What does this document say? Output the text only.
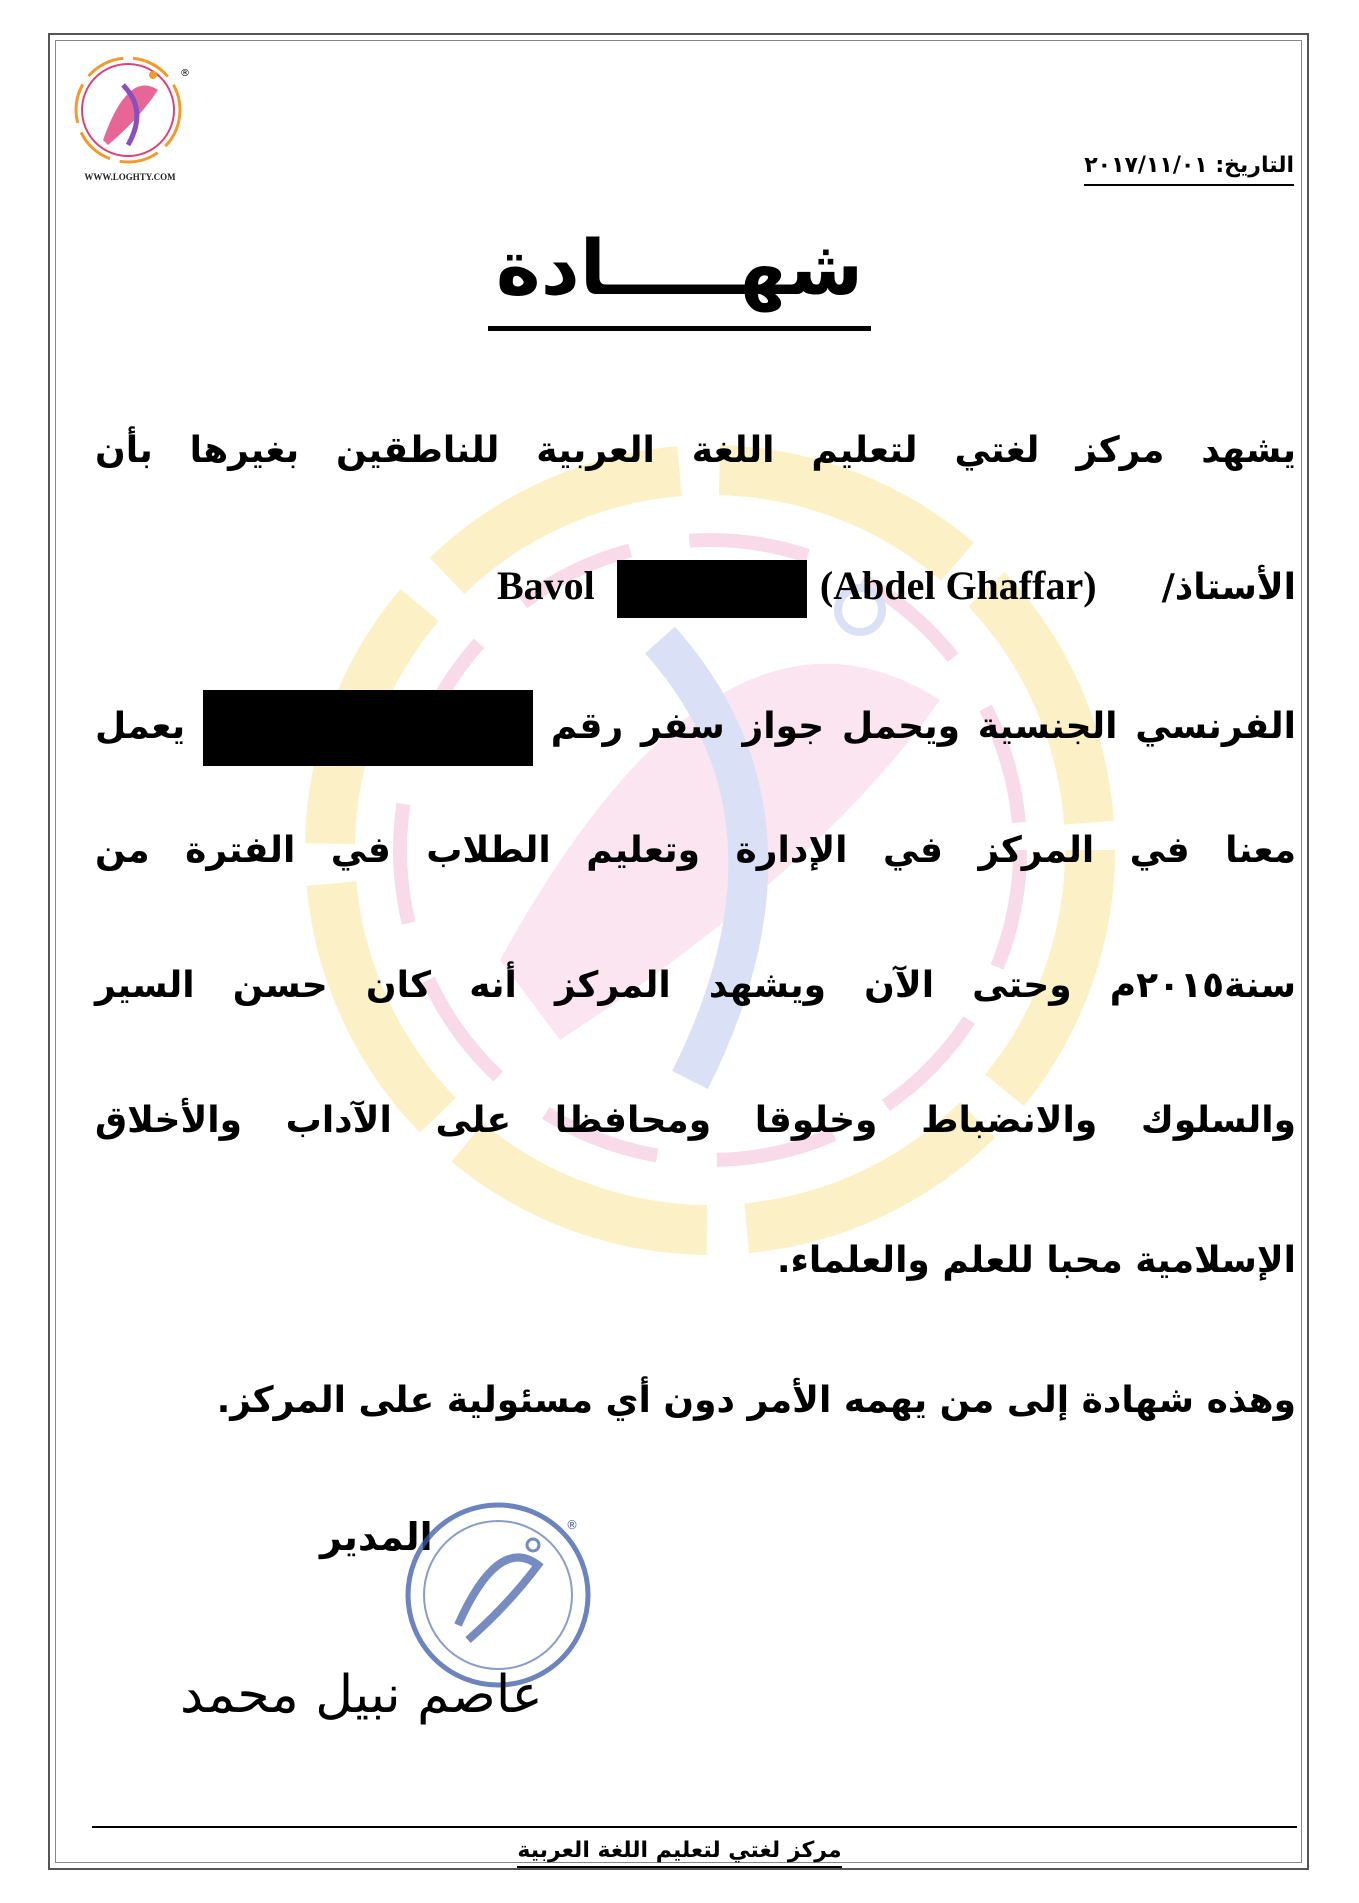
®
WWW.LOGHTY.COM	التاريخ: ٢٠١٧/١١/٠١
شهـــــادة
يشهد مركز لغتي لتعليم اللغة العربية للناطقين بغيرها بأن
الأستاذ/  (Abdel Ghaffar)  Bavol
الفرنسي الجنسية ويحمل جواز سفر رقم  يعمل
معنا في المركز في الإدارة وتعليم الطلاب في الفترة من
سنة٢٠١٥م وحتى الآن ويشهد المركز أنه كان حسن السير
والسلوك والانضباط وخلوقا ومحافظا على الآداب والأخلاق
الإسلامية محبا للعلم والعلماء.
وهذه شهادة إلى من يهمه الأمر دون أي مسئولية على المركز.
المدير	®
عاصم نبيل محمد
مركز لغتي لتعليم اللغة العربية
